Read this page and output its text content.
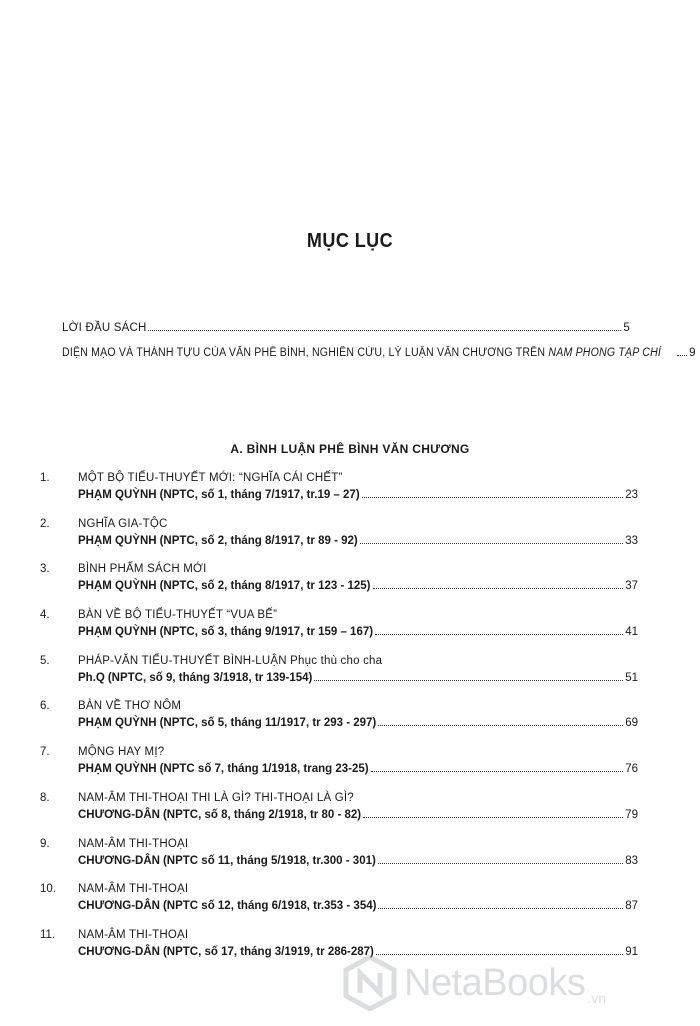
MỤC LỤC
LỜI ĐẦU SÁCH	5
DIỆN MẠO VÀ THÀNH TỰU CỦA VĂN PHÊ BÌNH, NGHIÊN CỨU, LÝ LUẬN VĂN CHƯƠNG TRÊN NAM PHONG TẠP CHÍ 9
A. BÌNH LUẬN PHÊ BÌNH VĂN CHƯƠNG
1. MỘT BỘ TIỂU-THUYẾT MỚI: “NGHĨA CÁI CHẾT”
PHẠM QUỲNH (NPTC, số 1, tháng 7/1917, tr.19 – 27)	23
2. NGHĨA GIA-TỘC
PHẠM QUỲNH (NPTC, số 2, tháng 8/1917, tr 89 - 92)	33
3. BÌNH PHẨM SÁCH MỚI
PHẠM QUỲNH (NPTC, số 2, tháng 8/1917, tr 123 - 125)	37
4. BÀN VỀ BỘ TIỂU-THUYẾT “VUA BẾ”
PHẠM QUỲNH (NPTC, số 3, tháng 9/1917, tr 159 – 167)	41
5. PHÁP-VĂN TIỂU-THUYẾT BÌNH-LUẬN Phục thù cho cha
Ph.Q (NPTC, số 9, tháng 3/1918, tr 139-154)	51
6. BÀN VỀ THƠ NÔM
PHẠM QUỲNH (NPTC, số 5, tháng 11/1917, tr 293 - 297)	69
7. MỘNG HAY MỊ?
PHẠM QUỲNH (NPTC số 7, tháng 1/1918, trang 23-25)	76
8. NAM-ÂM THI-THOẠI THI LÀ GÌ? THI-THOẠI LÀ GÌ?
CHƯƠNG-DÂN (NPTC, số 8, tháng 2/1918, tr 80 - 82)	79
9. NAM-ÂM THI-THOẠI
CHƯƠNG-DÂN (NPTC số 11, tháng 5/1918, tr.300 - 301)	83
10. NAM-ÂM THI-THOẠI
CHƯƠNG-DÂN (NPTC số 12, tháng 6/1918, tr.353 - 354)	87
11. NAM-ÂM THI-THOẠI
CHƯƠNG-DÂN (NPTC, số 17, tháng 3/1919, tr 286-287)	91
NetaBooks .vn
